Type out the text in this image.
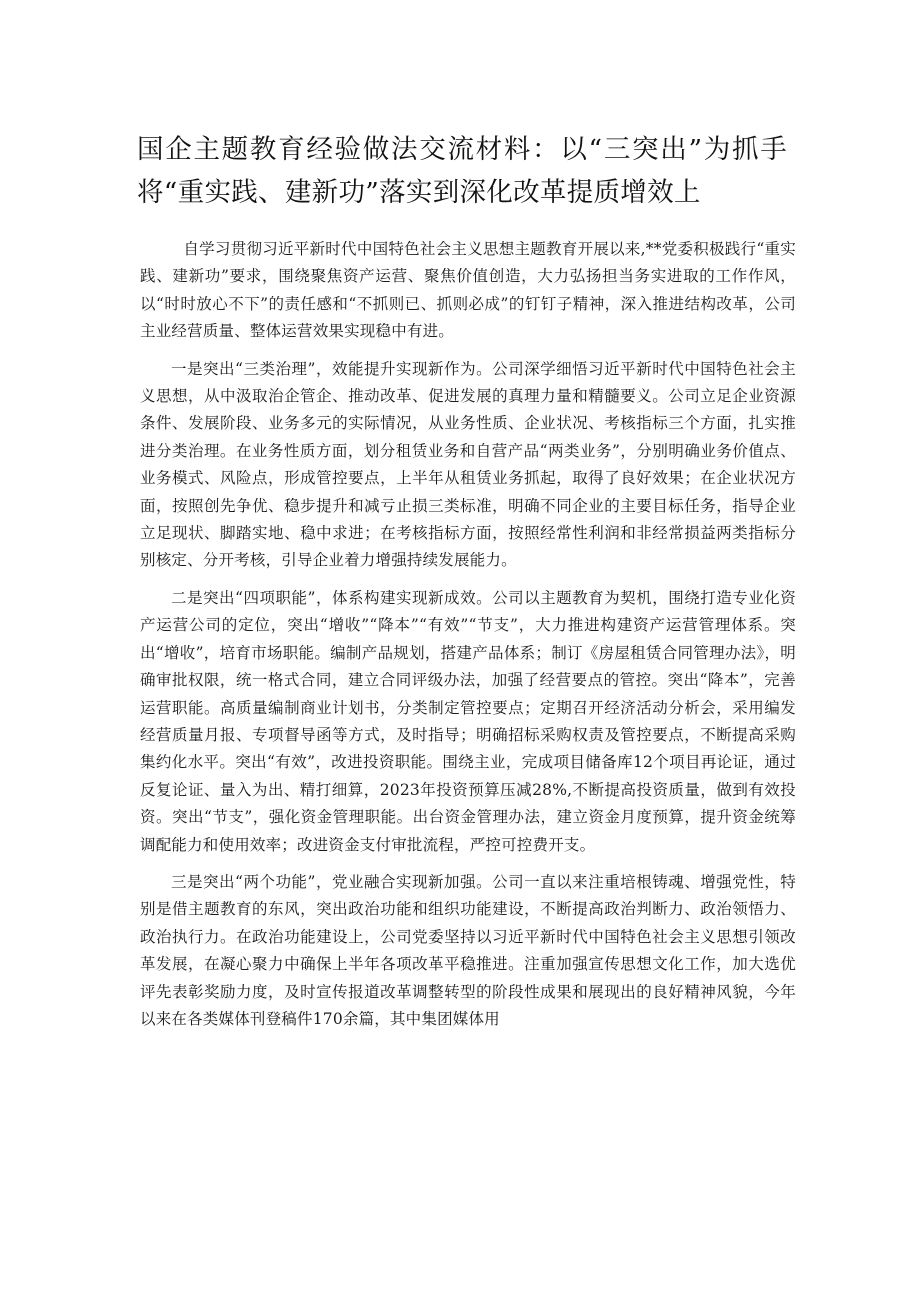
国企主题教育经验做法交流材料：以“三突出”为抓手将“重实践、建新功”落实到深化改革提质增效上

自学习贯彻习近平新时代中国特色社会主义思想主题教育开展以来,**党委积极践行“重实践、建新功”要求，围绕聚焦资产运营、聚焦价值创造，大力弘扬担当务实进取的工作作风，以“时时放心不下”的责任感和“不抓则已、抓则必成”的钉钉子精神，深入推进结构改革，公司主业经营质量、整体运营效果实现稳中有进。

一是突出“三类治理”，效能提升实现新作为。公司深学细悟习近平新时代中国特色社会主义思想，从中汲取治企管企、推动改革、促进发展的真理力量和精髓要义。公司立足企业资源条件、发展阶段、业务多元的实际情况，从业务性质、企业状况、考核指标三个方面，扎实推进分类治理。在业务性质方面，划分租赁业务和自营产品“两类业务”，分别明确业务价值点、业务模式、风险点，形成管控要点，上半年从租赁业务抓起，取得了良好效果；在企业状况方面，按照创先争优、稳步提升和减亏止损三类标准，明确不同企业的主要目标任务，指导企业立足现状、脚踏实地、稳中求进；在考核指标方面，按照经常性利润和非经常损益两类指标分别核定、分开考核，引导企业着力增强持续发展能力。

二是突出“四项职能”，体系构建实现新成效。公司以主题教育为契机，围绕打造专业化资产运营公司的定位，突出“增收”“降本”“有效”“节支”，大力推进构建资产运营管理体系。突出“增收”，培育市场职能。编制产品规划，搭建产品体系；制订《房屋租赁合同管理办法》，明确审批权限，统一格式合同，建立合同评级办法，加强了经营要点的管控。突出“降本”，完善运营职能。高质量编制商业计划书，分类制定管控要点；定期召开经济活动分析会，采用编发经营质量月报、专项督导函等方式，及时指导；明确招标采购权责及管控要点，不断提高采购集约化水平。突出“有效”，改进投资职能。围绕主业，完成项目储备库12个项目再论证，通过反复论证、量入为出、精打细算，2023年投资预算压减28%,不断提高投资质量，做到有效投资。突出“节支”，强化资金管理职能。出台资金管理办法，建立资金月度预算，提升资金统筹调配能力和使用效率；改进资金支付审批流程，严控可控费开支。

三是突出“两个功能”，党业融合实现新加强。公司一直以来注重培根铸魂、增强党性，特别是借主题教育的东风，突出政治功能和组织功能建设，不断提高政治判断力、政治领悟力、政治执行力。在政治功能建设上，公司党委坚持以习近平新时代中国特色社会主义思想引领改革发展，在凝心聚力中确保上半年各项改革平稳推进。注重加强宣传思想文化工作，加大选优评先表彰奖励力度，及时宣传报道改革调整转型的阶段性成果和展现出的良好精神风貌，今年以来在各类媒体刊登稿件170余篇，其中集团媒体用
